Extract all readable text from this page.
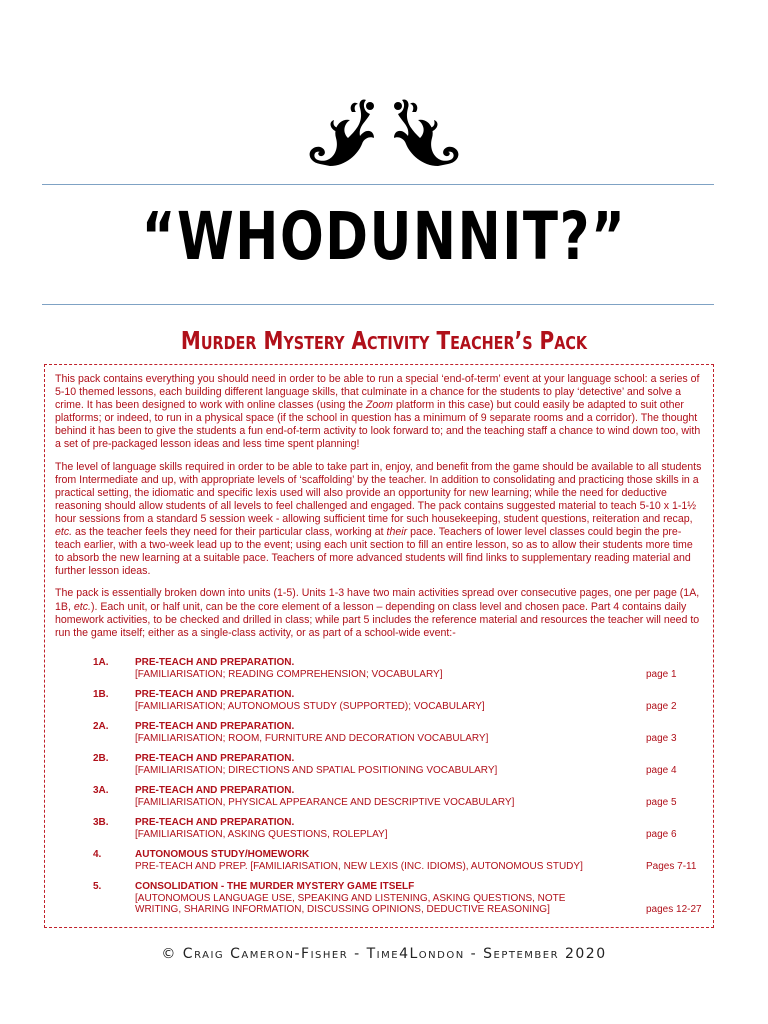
“WHODUNNIT?”
Murder Mystery Activity Teacher’s Pack

This pack contains everything you should need in order to be able to run a special ‘end-of-term’ event at your language school: a series of 5-10 themed lessons, each building different language skills, that culminate in a chance for the students to play ‘detective’ and solve a crime. It has been designed to work with online classes (using the Zoom platform in this case) but could easily be adapted to suit other platforms; or indeed, to run in a physical space (if the school in question has a minimum of 9 separate rooms and a corridor). The thought behind it has been to give the students a fun end-of-term activity to look forward to; and the teaching staff a chance to wind down too, with a set of pre-packaged lesson ideas and less time spent planning!

The level of language skills required in order to be able to take part in, enjoy, and benefit from the game should be available to all students from Intermediate and up, with appropriate levels of ‘scaffolding’ by the teacher. In addition to consolidating and practicing those skills in a practical setting, the idiomatic and specific lexis used will also provide an opportunity for new learning; while the need for deductive reasoning should allow students of all levels to feel challenged and engaged. The pack contains suggested material to teach 5-10 x 1-1½ hour sessions from a standard 5 session week - allowing sufficient time for such housekeeping, student questions, reiteration and recap, etc. as the teacher feels they need for their particular class, working at their pace. Teachers of lower level classes could begin the pre-teach earlier, with a two-week lead up to the event; using each unit section to fill an entire lesson, so as to allow their students more time to absorb the new learning at a suitable pace. Teachers of more advanced students will find links to supplementary reading material and further lesson ideas.

The pack is essentially broken down into units (1-5). Units 1-3 have two main activities spread over consecutive pages, one per page (1A, 1B, etc.). Each unit, or half unit, can be the core element of a lesson – depending on class level and chosen pace. Part 4 contains daily homework activities, to be checked and drilled in class; while part 5 includes the reference material and resources the teacher will need to run the game itself; either as a single-class activity, or as part of a school-wide event:-

1A.	PRE-TEACH AND PREPARATION.
[FAMILIARISATION; READING COMPREHENSION; VOCABULARY]	page 1
1B.	PRE-TEACH AND PREPARATION.
[FAMILIARISATION; AUTONOMOUS STUDY (SUPPORTED); VOCABULARY]	page 2
2A.	PRE-TEACH AND PREPARATION.
[FAMILIARISATION; ROOM, FURNITURE AND DECORATION VOCABULARY]	page 3
2B.	PRE-TEACH AND PREPARATION.
[FAMILIARISATION; DIRECTIONS AND SPATIAL POSITIONING VOCABULARY]	page 4
3A.	PRE-TEACH AND PREPARATION.
[FAMILIARISATION, PHYSICAL APPEARANCE AND DESCRIPTIVE VOCABULARY]	page 5
3B.	PRE-TEACH AND PREPARATION.
[FAMILIARISATION, ASKING QUESTIONS, ROLEPLAY]	page 6
4.	AUTONOMOUS STUDY/HOMEWORK
PRE-TEACH AND PREP. [FAMILIARISATION, NEW LEXIS (INC. IDIOMS), AUTONOMOUS STUDY]	Pages 7-11
5.	CONSOLIDATION - THE MURDER MYSTERY GAME ITSELF
[AUTONOMOUS LANGUAGE USE, SPEAKING AND LISTENING, ASKING QUESTIONS, NOTE WRITING, SHARING INFORMATION, DISCUSSING OPINIONS, DEDUCTIVE REASONING]	pages 12-27
© Craig Cameron-Fisher - Time4London - September 2020
